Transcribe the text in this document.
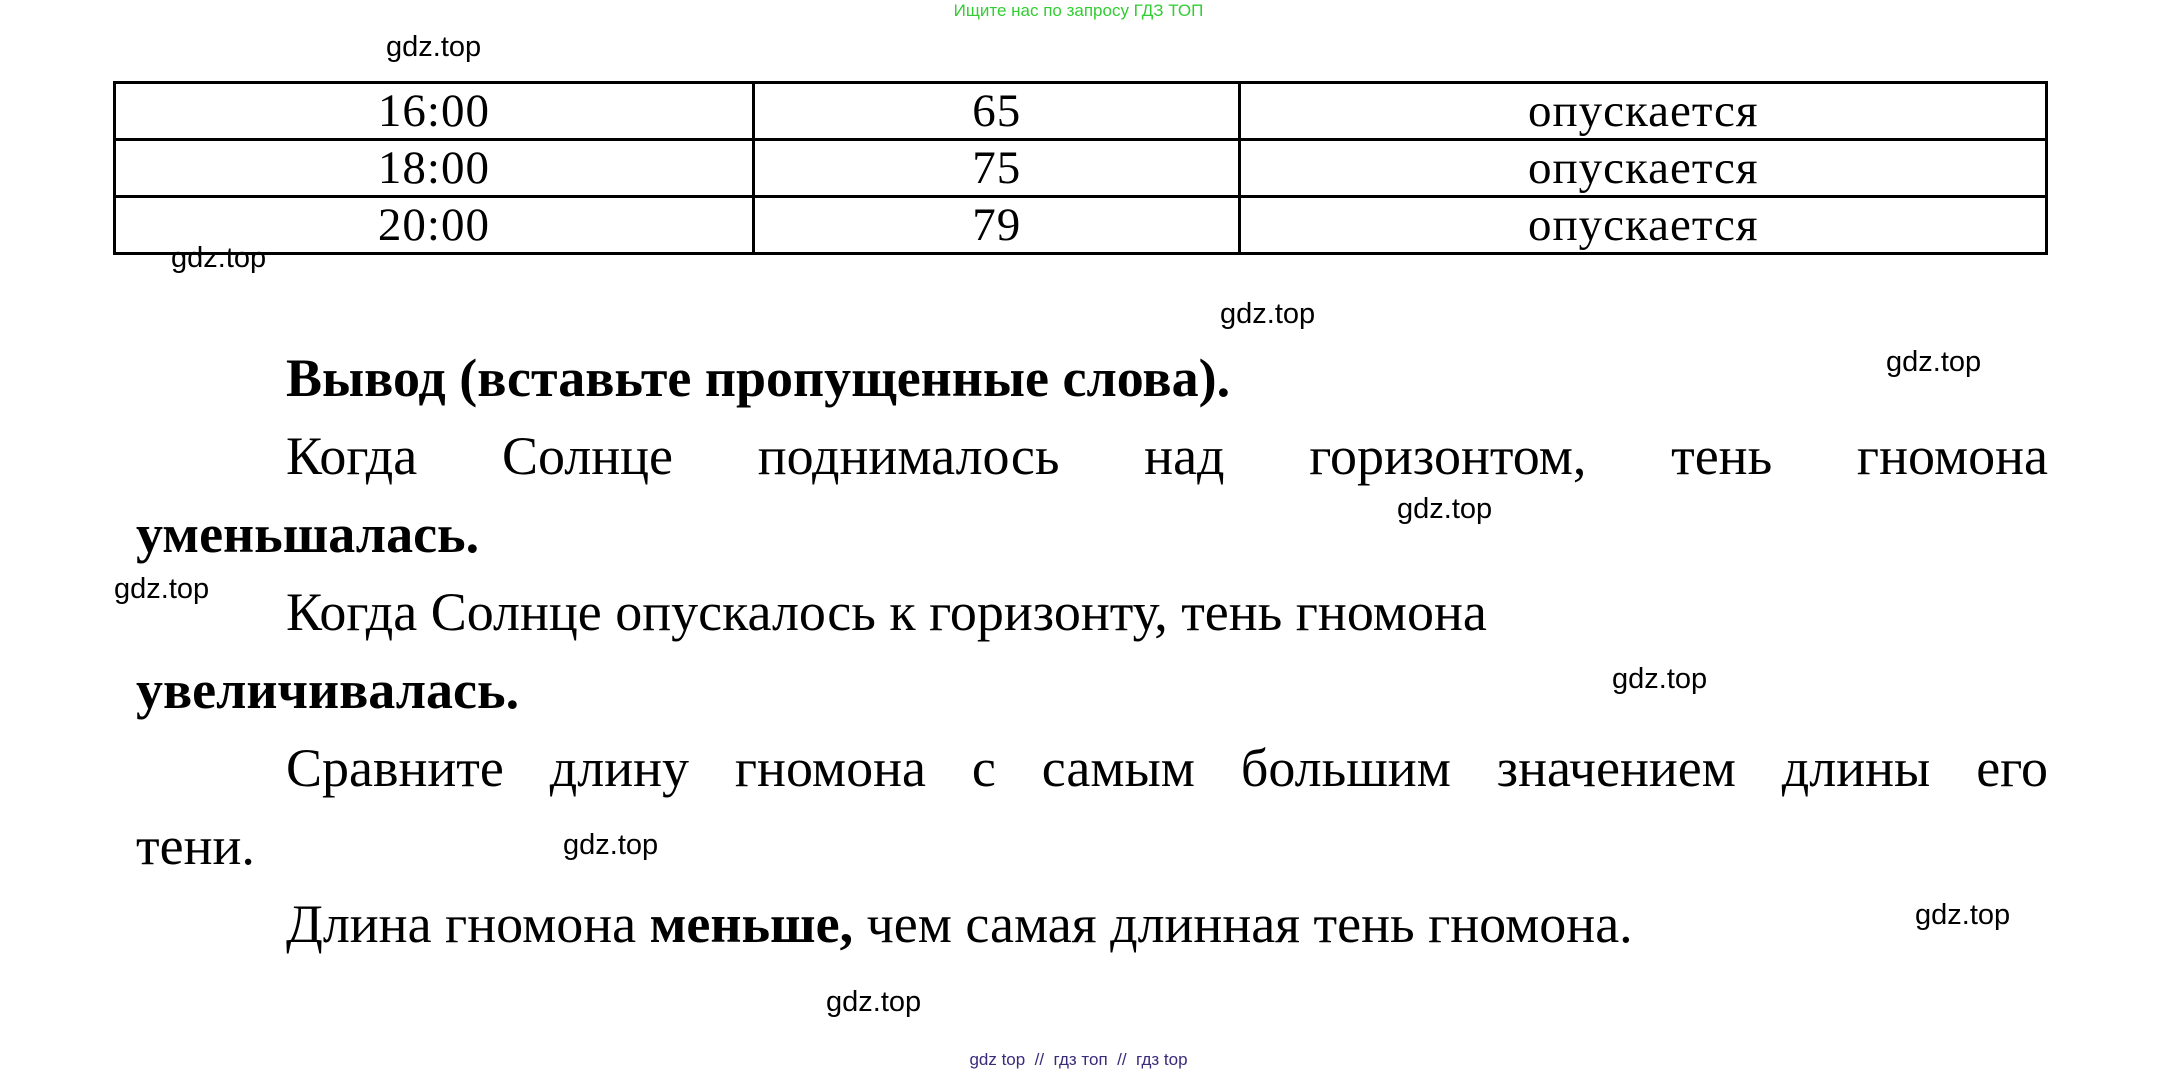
Ищите нас по запросу ГДЗ ТОП
gdz.top
gdz.top
gdz.top
gdz.top
gdz.top
gdz.top
gdz.top
gdz.top
gdz.top
gdz.top
16:00	65	опускается
18:00	75	опускается
20:00	79	опускается
Вывод (вставьте пропущенные слова).
Когда Солнце поднималось над горизонтом, тень гномона
уменьшалась.
Когда Солнце опускалось к горизонту, тень гномона
увеличивалась.
Сравните длину гномона с самым большим значением длины его
тени.
Длина гномона меньше, чем самая длинная тень гномона.
gdz top  //  гдз топ  //  гдз top
